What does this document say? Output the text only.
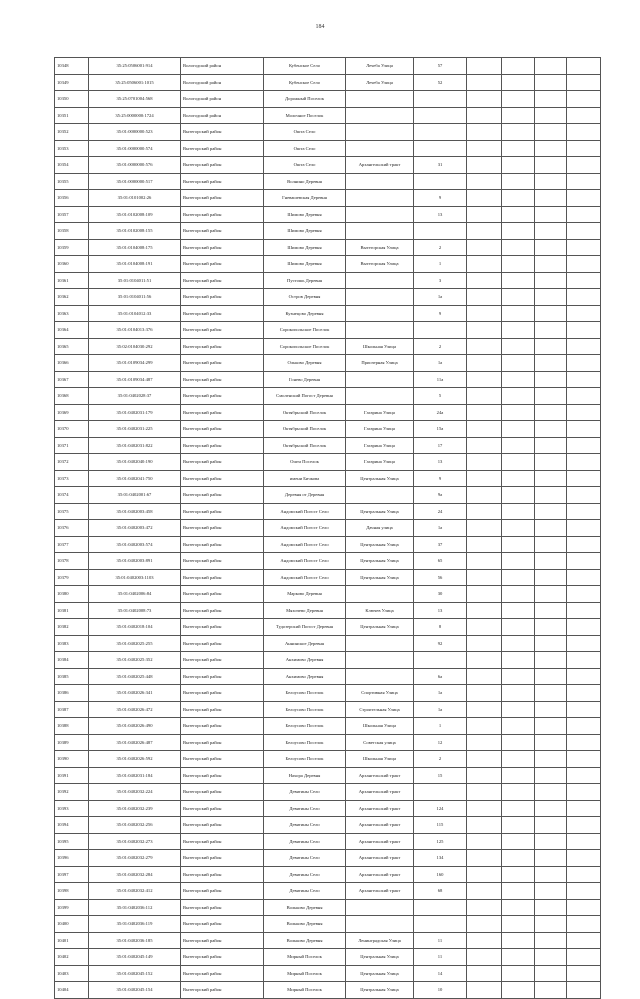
184
10348	35:25:0506001:914	Вологодский район	Кубенское Село	Лечеба Улица	57				
10349	35:25:0506001:1015	Вологодский район	Кубенское Село	Лечеба Улица	52				
10350	35:25:0701004:568	Вологодский район	Дорожный Поселок						
10351	35:25:0000000:1724	Вологодский район	Молочное Поселок						
10352	35:01:0000000:523	Вытегорский район	Оштa Село						
10353	35:01:0000000:574	Вытегорский район	Оштa Село						
10354	35:01:0000000:576	Вытегорский район	Оштa Село	Архангельский тракт	31				
10355	35:01:0000000:517	Вытегорский район	Волнино Деревня						
10356	35:01:0101002:26	Вытегорский район	Гневашевская Деревня		9				
10357	35:01:0102008:109	Вытегорский район	Шимово Деревня		13				
10358	35:01:0102008:155	Вытегорский район	Шимово Деревня						
10359	35:01:0104008:175	Вытегорский район	Шимово Деревня	Вытегорская Улица	2				
10360	35:01:0104008:191	Вытегорский район	Шимово Деревня	Вытегорская Улица	1				
10361	35:01:0104011:51	Вытегорский район	Пустошь Деревня		3				
10362	35:01:0104011:56	Вытегорский район	Остров Деревня		1а				
10363	35:01:0104012:33	Вытегорский район	Кузнецово Деревня		9				
10364	35:01:0104013:376	Вытегорский район	Сорокопольское Поселок						
10365	35:02:0104030:292	Вытегорский район	Сорокопольское Поселок	Школьная Улица	2				
10366	35:01:0109034:299	Вытегорский район	Ольково Деревня	Приозерная Улица	1а				
10367	35:01:0109034:487	Вытегорский район	Гонево Деревня		11а				
10368	35:01:0402028:37	Вытегорский район	Смоленский Погост Деревня		5				
10369	35:01:0402031:179	Вытегорский район	Октябрьский Поселок	Гагарина Улица	24а				
10370	35:01:0402031:225	Вытегорский район	Октябрьский Поселок	Гагарина Улица	15а				
10371	35:01:0402031:822	Вытегорский район	Октябрьский Поселок	Гагарина Улица	17				
10372	35:01:0402040:190	Вытегорский район	Оштa Поселок	Гагарина Улица	13				
10373	35:01:0402041:750	Вытегорский район	имени Бичкова	Центральная Улица	9				
10374	35:01:0402001:67	Вытегорский район	Деревня от Деревня		9а				
10375	35:01:0402003:458	Вытегорский район	Андомский Погост Село	Центральная Улица	24				
10376	35:01:0402003:472	Вытегорский район	Андомский Погост Село	Дачная улица	1а				
10377	35:01:0402003:574	Вытегорский район	Андомский Погост Село	Центральная Улица	37				
10378	35:01:0402003:891	Вытегорский район	Андомский Погост Село	Центральная Улица	65				
10379	35:01:0402003:1103	Вытегорский район	Андомский Погост Село	Центральная Улица	56				
10380	35:01:0402006:84	Вытегорский район	Марково Деревня		30				
10381	35:01:0402008:73	Вытегорский район	Мяхочево Деревня	Ключев Улица	13				
10382	35:01:0402018:104	Вытегорский район	Тудозерский Погост Деревня	Центральная Улица	8				
10383	35:01:0402025:255	Вытегорский район	Аннинское Деревня		92				
10384	35:01:0402025:352	Вытегорский район	Анхимово Деревня						
10385	35:01:0402025:448	Вытегорский район	Анхимово Деревня		6а				
10386	35:01:0402026:341	Вытегорский район	Белоусово Поселок	Спортивная Улица	1а				
10387	35:01:0402026:472	Вытегорский район	Белоусово Поселок	Строительная Улица	1а				
10388	35:01:0402026:490	Вытегорский район	Белоусово Поселок	Школьная Улица	1				
10389	35:01:0402026:487	Вытегорский район	Белоусово Поселок	Советская улица	12				
10390	35:01:0402026:592	Вытегорский район	Белоусово Поселок	Школьная Улица	2				
10391	35:01:0402031:184	Вытегорский район	Нахора Деревня	Архангельский тракт	15				
10392	35:01:0402032:224	Вытегорский район	Девятины Село	Архангельский тракт					
10393	35:01:0402032:239	Вытегорский район	Девятины Село	Архангельский тракт	124				
10394	35:01:0402032:256	Вытегорский район	Девятины Село	Архангельский тракт	115				
10395	35:01:0402032:273	Вытегорский район	Девятины Село	Архангельский тракт	125				
10396	35:01:0402032:279	Вытегорский район	Девятины Село	Архангельский тракт	134				
10397	35:01:0402032:284	Вытегорский район	Девятины Село	Архангельский тракт	160				
10398	35:01:0402032:412	Вытегорский район	Девятины Село	Архангельский тракт	68				
10399	35:01:0402036:112	Вытегорский район	Вольково Деревня						
10400	35:01:0402036:119	Вытегорский район	Вольково Деревня						
10401	35:01:0402036:185	Вытегорский район	Вольково Деревня	Ленинградская Улица	11				
10402	35:01:0402045:149	Вытегорский район	Мирный Поселок	Центральная Улица	11				
10403	35:01:0402045:152	Вытегорский район	Мирный Поселок	Центральная Улица	14				
10404	35:01:0402045:154	Вытегорский район	Мирный Поселок	Центральная Улица	10				
